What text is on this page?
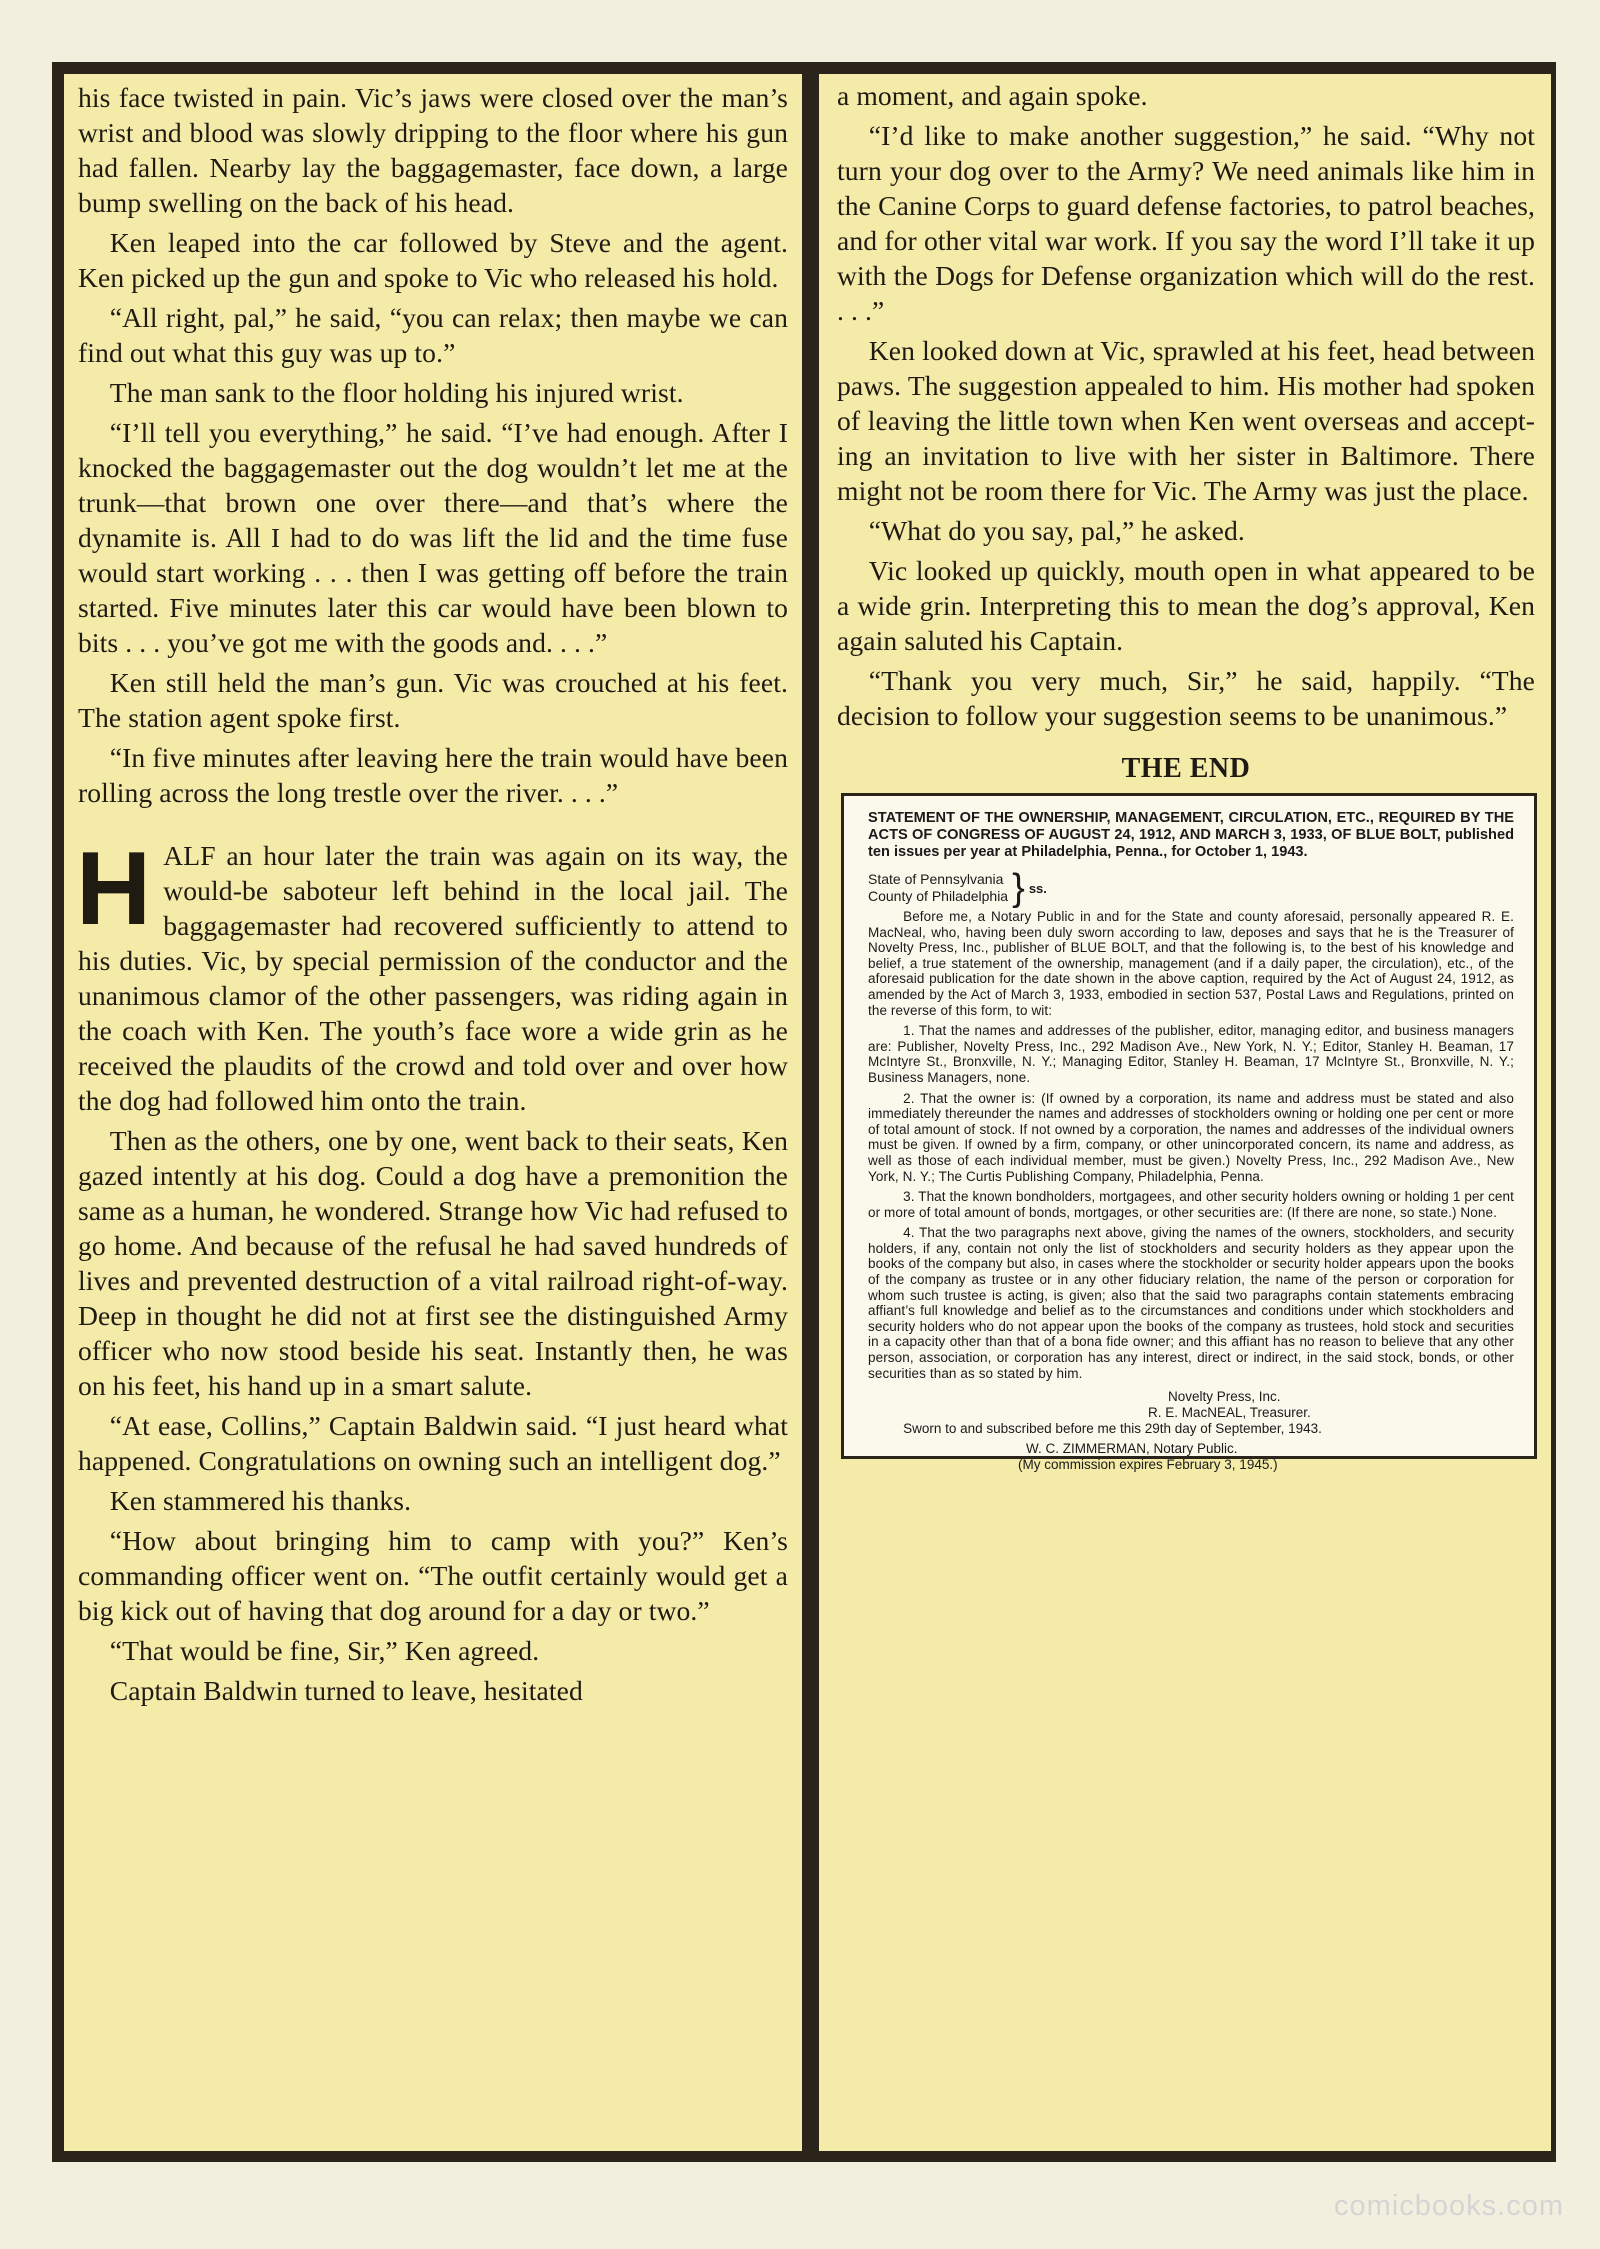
his face twisted in pain. Vic’s jaws were closed over the man’s wrist and blood was slowly dripping to the floor where his gun had fallen. Nearby lay the baggagemaster, face down, a large bump swelling on the back of his head.

Ken leaped into the car followed by Steve and the agent. Ken picked up the gun and spoke to Vic who released his hold.

“All right, pal,” he said, “you can relax; then maybe we can find out what this guy was up to.”

The man sank to the floor holding his injured wrist.

“I’ll tell you everything,” he said. “I’ve had enough. After I knocked the baggagemaster out the dog wouldn’t let me at the trunk—that brown one over there—and that’s where the dynamite is. All I had to do was lift the lid and the time fuse would start working . . . then I was getting off before the train started. Five minutes later this car would have been blown to bits . . . you’ve got me with the goods and. . . .”

Ken still held the man’s gun. Vic was crouched at his feet. The station agent spoke first.

“In five minutes after leaving here the train would have been rolling across the long trestle over the river. . . .”

HALF an hour later the train was again on its way, the would-be saboteur left behind in the local jail. The baggagemaster had recovered sufficiently to attend to his duties. Vic, by special permission of the conductor and the unanimous clamor of the other passengers, was riding again in the coach with Ken. The youth’s face wore a wide grin as he received the plaudits of the crowd and told over and over how the dog had followed him onto the train.

Then as the others, one by one, went back to their seats, Ken gazed intently at his dog. Could a dog have a premonition the same as a human, he wondered. Strange how Vic had refused to go home. And because of the refusal he had saved hundreds of lives and prevented destruction of a vital railroad right-of-way. Deep in thought he did not at first see the distinguished Army officer who now stood beside his seat. Instantly then, he was on his feet, his hand up in a smart salute.

“At ease, Collins,” Captain Baldwin said. “I just heard what happened. Congratulations on owning such an intelligent dog.”

Ken stammered his thanks.

“How about bringing him to camp with you?” Ken’s commanding officer went on. “The outfit certainly would get a big kick out of having that dog around for a day or two.”

“That would be fine, Sir,” Ken agreed.

Captain Baldwin turned to leave, hesitated

a moment, and again spoke.

“I’d like to make another suggestion,” he said. “Why not turn your dog over to the Army? We need animals like him in the Canine Corps to guard defense factories, to patrol beaches, and for other vital war work. If you say the word I’ll take it up with the Dogs for Defense organization which will do the rest. . . .”

Ken looked down at Vic, sprawled at his feet, head between paws. The suggestion appealed to him. His mother had spoken of leaving the little town when Ken went overseas and accepting an invitation to live with her sister in Baltimore. There might not be room there for Vic. The Army was just the place.

“What do you say, pal,” he asked.

Vic looked up quickly, mouth open in what appeared to be a wide grin. Interpreting this to mean the dog’s approval, Ken again saluted his Captain.

“Thank you very much, Sir,” he said, happily. “The decision to follow your suggestion seems to be unanimous.”

THE END
STATEMENT OF THE OWNERSHIP, MANAGEMENT, CIRCULATION, ETC., REQUIRED BY THE ACTS OF CONGRESS OF AUGUST 24, 1912, AND MARCH 3, 1933, OF BLUE BOLT, published ten issues per year at Philadelphia, Penna., for October 1, 1943.
State of Pennsylvania
County of Philadelphia } ss.

Before me, a Notary Public in and for the State and county aforesaid, personally appeared R. E. MacNeal, who, having been duly sworn according to law, deposes and says that he is the Treasurer of Novelty Press, Inc., publisher of BLUE BOLT, and that the following is, to the best of his knowledge and belief, a true statement of the ownership, management (and if a daily paper, the circulation), etc., of the aforesaid publication for the date shown in the above caption, required by the Act of August 24, 1912, as amended by the Act of March 3, 1933, embodied in section 537, Postal Laws and Regulations, printed on the reverse of this form, to wit:

1. That the names and addresses of the publisher, editor, managing editor, and business managers are: Publisher, Novelty Press, Inc., 292 Madison Ave., New York, N. Y.; Editor, Stanley H. Beaman, 17 McIntyre St., Bronxville, N. Y.; Managing Editor, Stanley H. Beaman, 17 McIntyre St., Bronxville, N. Y.; Business Managers, none.

2. That the owner is: (If owned by a corporation, its name and address must be stated and also immediately thereunder the names and addresses of stockholders owning or holding one per cent or more of total amount of stock. If not owned by a corporation, the names and addresses of the individual owners must be given. If owned by a firm, company, or other unincorporated concern, its name and address, as well as those of each individual member, must be given.) Novelty Press, Inc., 292 Madison Ave., New York, N. Y.; The Curtis Publishing Company, Philadelphia, Penna.

3. That the known bondholders, mortgagees, and other security holders owning or holding 1 per cent or more of total amount of bonds, mortgages, or other securities are: (If there are none, so state.) None.

4. That the two paragraphs next above, giving the names of the owners, stockholders, and security holders, if any, contain not only the list of stockholders and security holders as they appear upon the books of the company but also, in cases where the stockholder or security holder appears upon the books of the company as trustee or in any other fiduciary relation, the name of the person or corporation for whom such trustee is acting, is given; also that the said two paragraphs contain statements embracing affiant’s full knowledge and belief as to the circumstances and conditions under which stockholders and security holders who do not appear upon the books of the company as trustees, hold stock and securities in a capacity other than that of a bona fide owner; and this affiant has no reason to believe that any other person, association, or corporation has any interest, direct or indirect, in the said stock, bonds, or other securities than as so stated by him.

Novelty Press, Inc.
R. E. MacNEAL, Treasurer.
Sworn to and subscribed before me this 29th day of September, 1943.
W. C. ZIMMERMAN, Notary Public.
(My commission expires February 3, 1945.)
comicbooks.com
